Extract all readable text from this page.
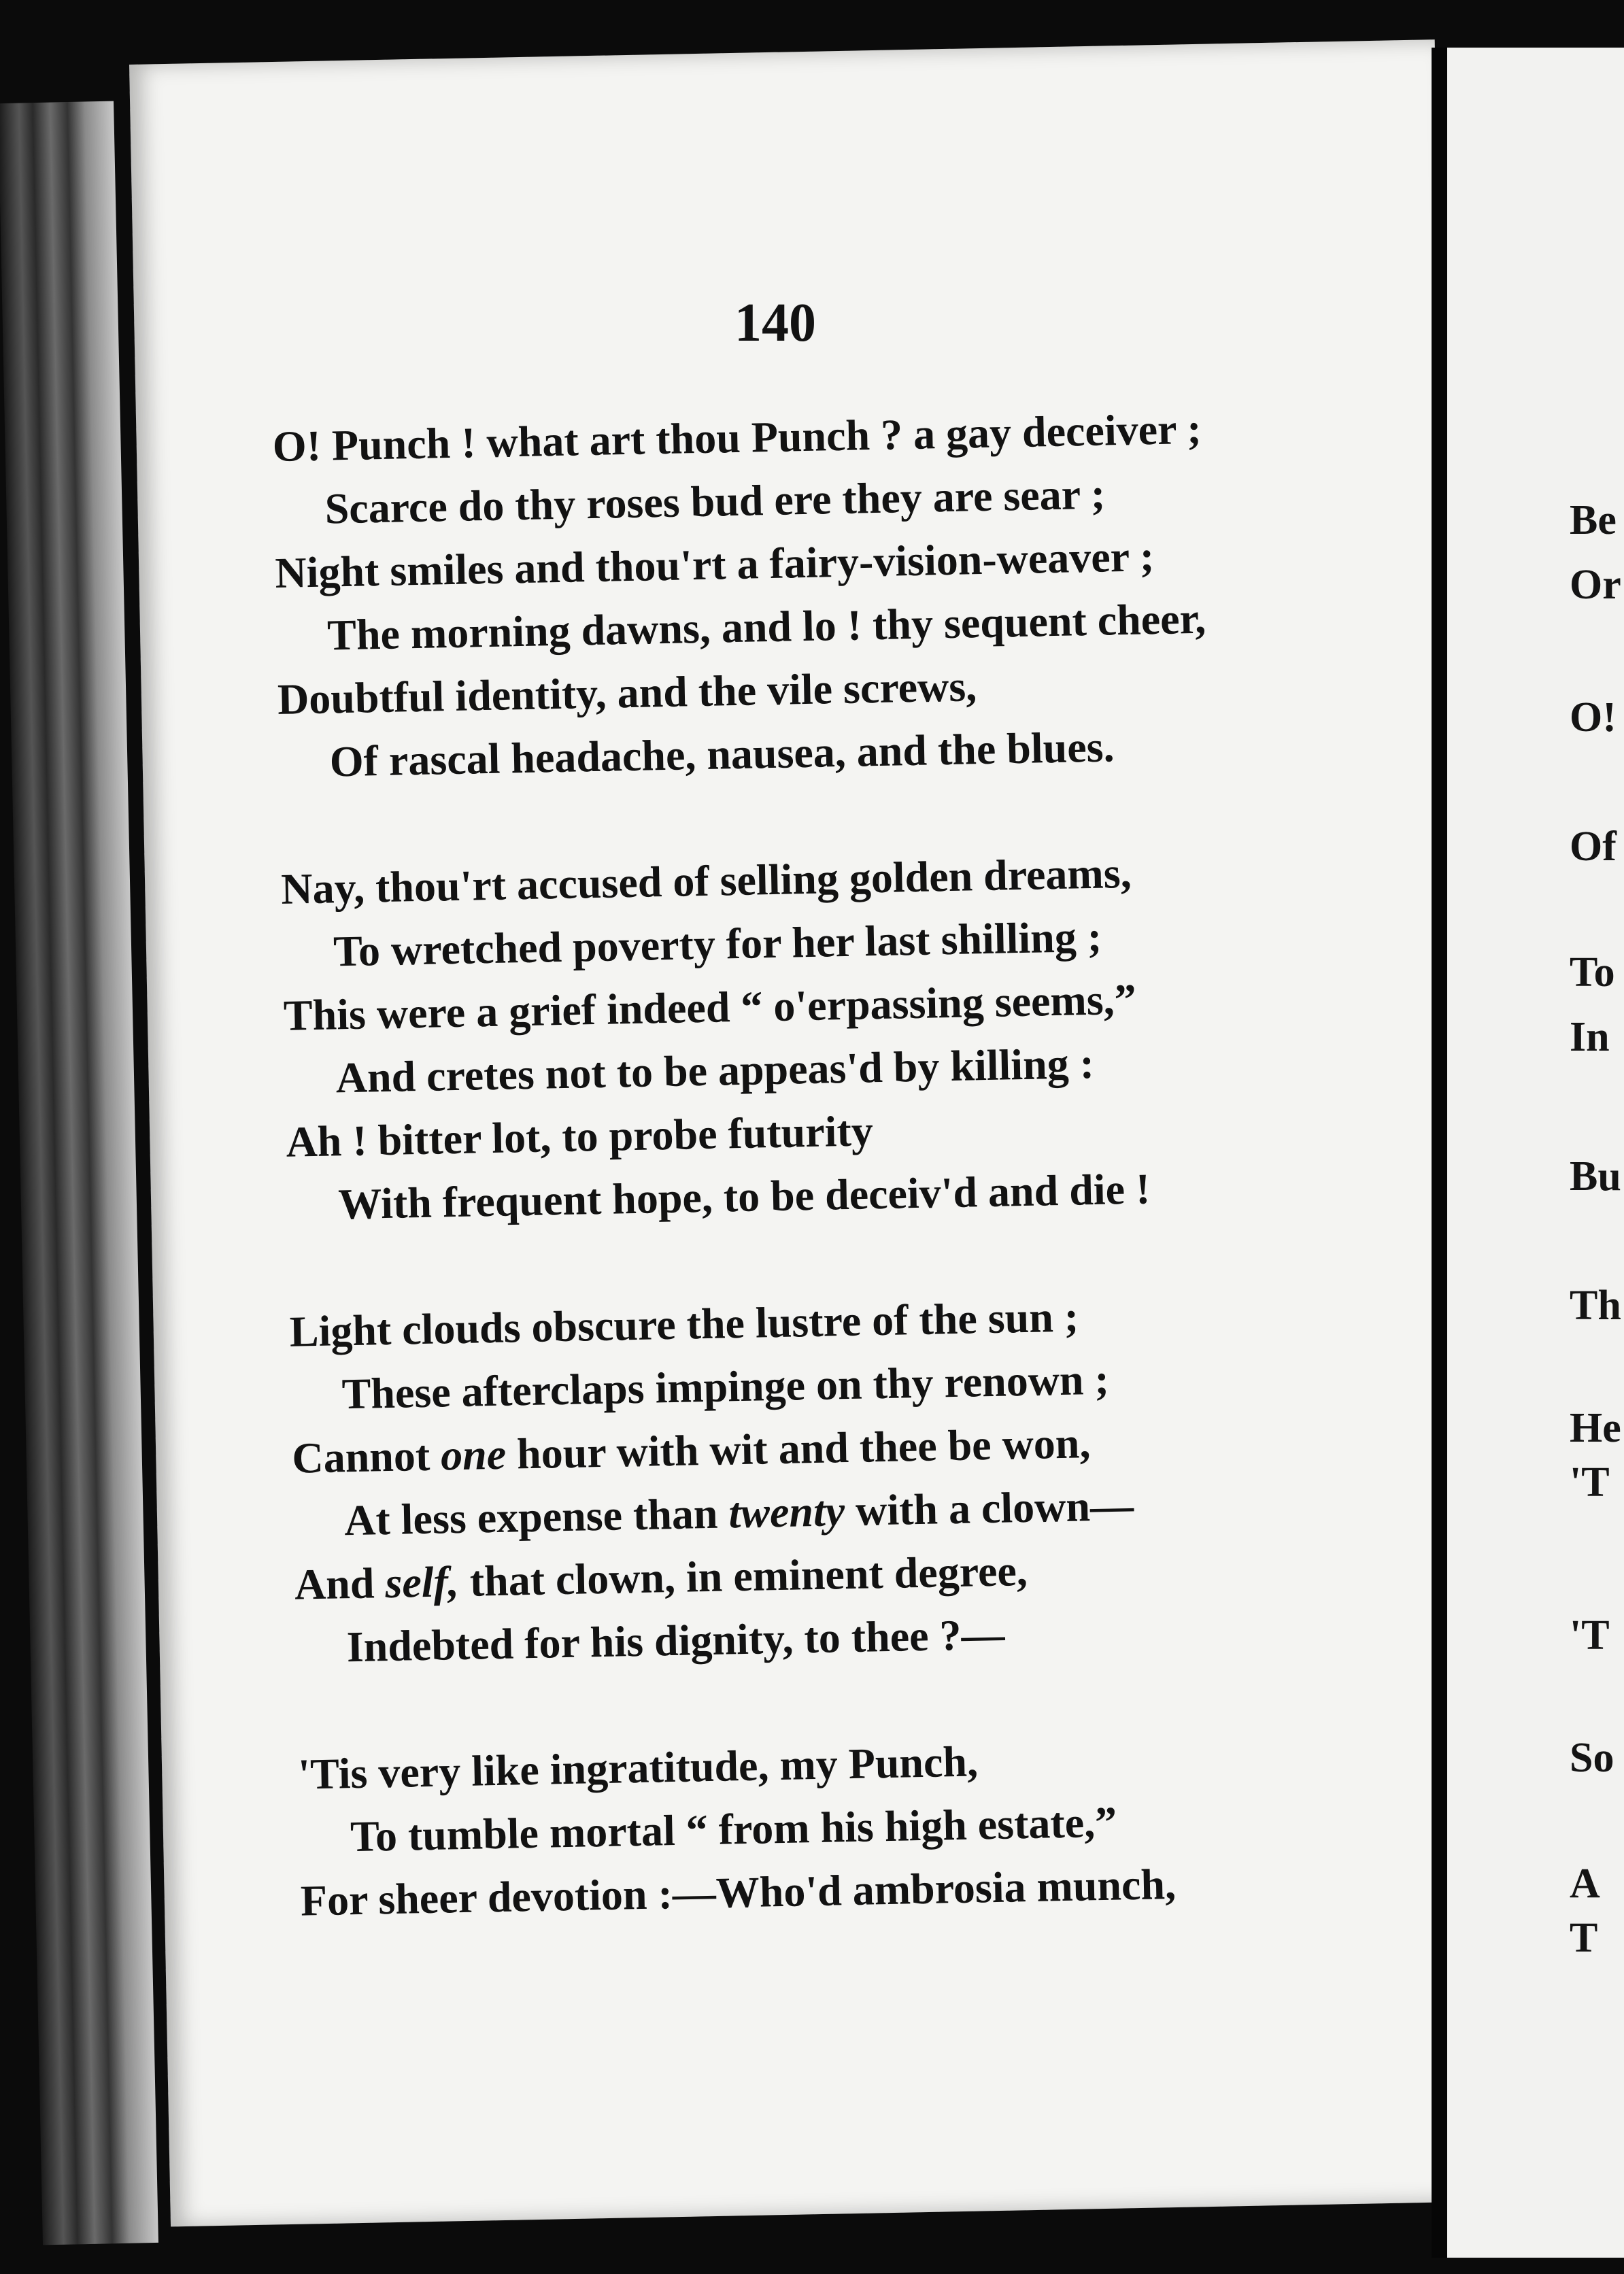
Be
Or
O!
Of
To
In
Bu
Th
He
'T
'T
So
A
T
140
O! Punch ! what art thou Punch ? a gay deceiver ;
Scarce do thy roses bud ere they are sear ;
Night smiles and thou'rt a fairy-vision-weaver ;
The morning dawns, and lo ! thy sequent cheer,
Doubtful identity, and the vile screws,
Of rascal headache, nausea, and the blues.
Nay, thou'rt accused of selling golden dreams,
To wretched poverty for her last shilling ;
This were a grief indeed “ o'erpassing seems,”
And cretes not to be appeas'd by killing :
Ah ! bitter lot, to probe futurity
With frequent hope, to be deceiv'd and die !
Light clouds obscure the lustre of the sun ;
These afterclaps impinge on thy renown ;
Cannot one hour with wit and thee be won,
At less expense than twenty with a clown—
And self, that clown, in eminent degree,
Indebted for his dignity, to thee ?—
'Tis very like ingratitude, my Punch,
To tumble mortal “ from his high estate,”
For sheer devotion :—Who'd ambrosia munch,
